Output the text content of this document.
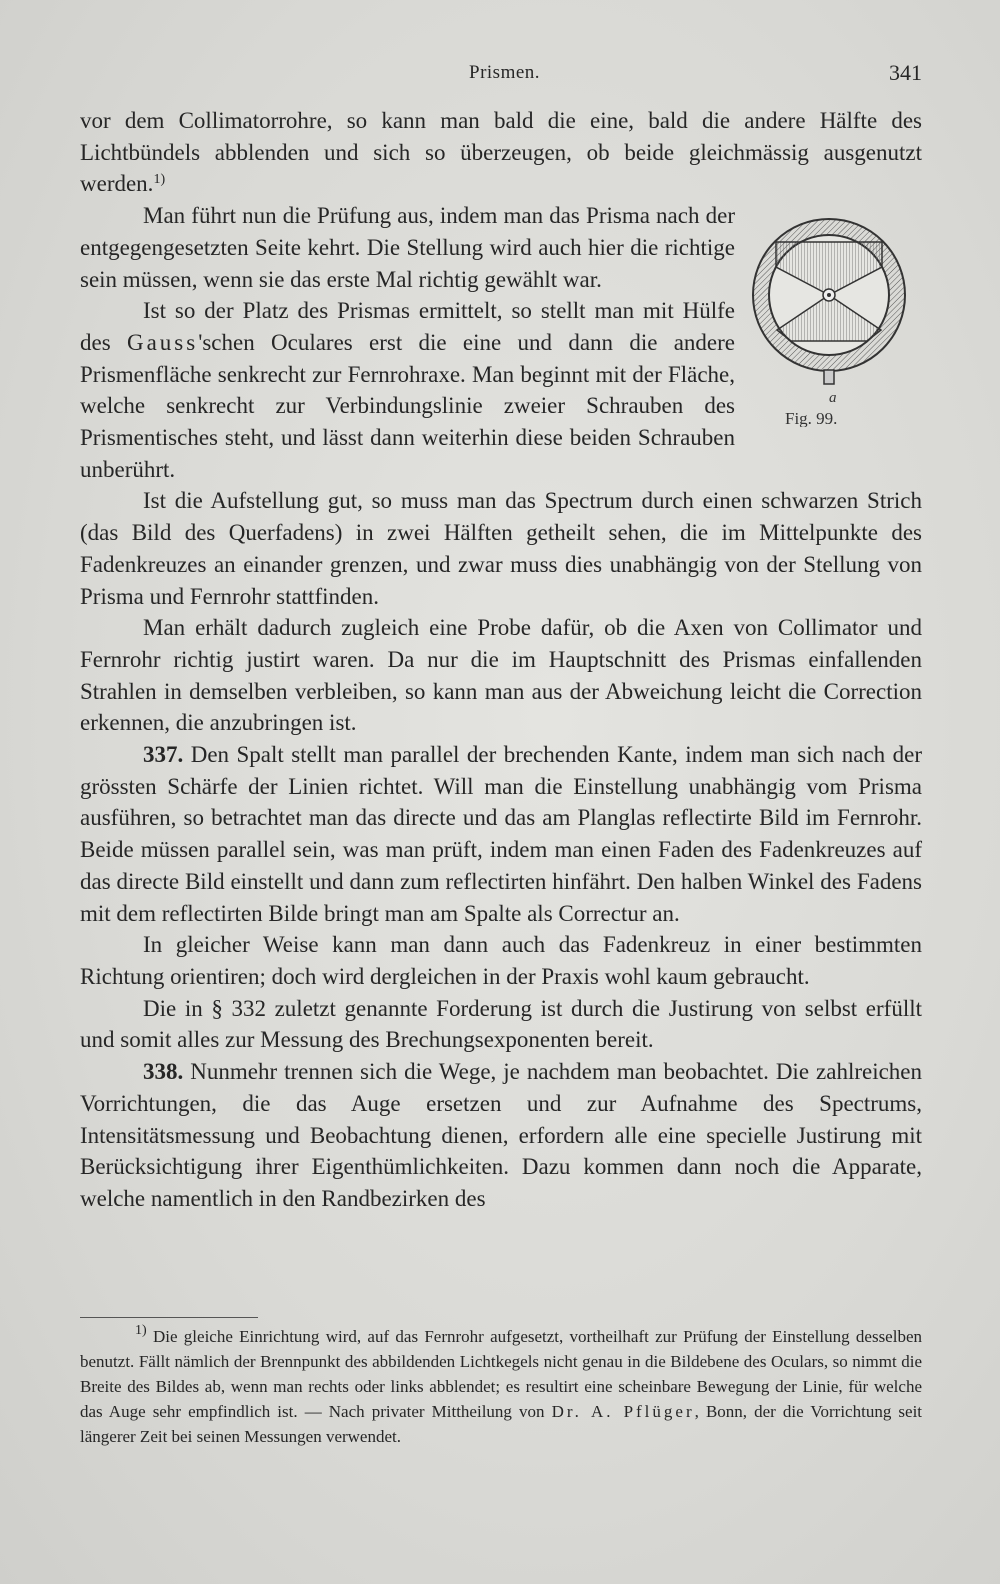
Prismen.	341

vor dem Collimatorrohre, so kann man bald die eine, bald die andere Hälfte des Lichtbündels abblenden und sich so überzeugen, ob beide gleichmässig ausgenutzt werden.$^{1)}$

a
Fig. 99.
Man führt nun die Prüfung aus, indem man das Prisma nach der entgegengesetzten Seite kehrt. Die Stellung wird auch hier die richtige sein müssen, wenn sie das erste Mal richtig gewählt war.

Ist so der Platz des Prismas ermittelt, so stellt man mit Hülfe des Gauss'schen Oculares erst die eine und dann die andere Prismenfläche senkrecht zur Fernrohraxe. Man beginnt mit der Fläche, welche senkrecht zur Verbindungslinie zweier Schrauben des Prismentisches steht, und lässt dann weiterhin diese beiden Schrauben unberührt.

Ist die Aufstellung gut, so muss man das Spectrum durch einen schwarzen Strich (das Bild des Querfadens) in zwei Hälften getheilt sehen, die im Mittelpunkte des Fadenkreuzes an einander grenzen, und zwar muss dies unabhängig von der Stellung von Prisma und Fernrohr stattfinden.

Man erhält dadurch zugleich eine Probe dafür, ob die Axen von Collimator und Fernrohr richtig justirt waren. Da nur die im Hauptschnitt des Prismas einfallenden Strahlen in demselben verbleiben, so kann man aus der Abweichung leicht die Correction erkennen, die anzubringen ist.

337. Den Spalt stellt man parallel der brechenden Kante, indem man sich nach der grössten Schärfe der Linien richtet. Will man die Einstellung unabhängig vom Prisma ausführen, so betrachtet man das directe und das am Planglas reflectirte Bild im Fernrohr. Beide müssen parallel sein, was man prüft, indem man einen Faden des Fadenkreuzes auf das directe Bild einstellt und dann zum reflectirten hinfährt. Den halben Winkel des Fadens mit dem reflectirten Bilde bringt man am Spalte als Correctur an.

In gleicher Weise kann man dann auch das Fadenkreuz in einer bestimmten Richtung orientiren; doch wird dergleichen in der Praxis wohl kaum gebraucht.

Die in § 332 zuletzt genannte Forderung ist durch die Justirung von selbst erfüllt und somit alles zur Messung des Brechungsexponenten bereit.

338. Nunmehr trennen sich die Wege, je nachdem man beobachtet. Die zahlreichen Vorrichtungen, die das Auge ersetzen und zur Aufnahme des Spectrums, Intensitätsmessung und Beobachtung dienen, erfordern alle eine specielle Justirung mit Berücksichtigung ihrer Eigenthümlichkeiten. Dazu kommen dann noch die Apparate, welche namentlich in den Randbezirken des

$^{1)}$ Die gleiche Einrichtung wird, auf das Fernrohr aufgesetzt, vortheilhaft zur Prüfung der Einstellung desselben benutzt. Fällt nämlich der Brennpunkt des abbildenden Lichtkegels nicht genau in die Bildebene des Oculars, so nimmt die Breite des Bildes ab, wenn man rechts oder links abblendet; es resultirt eine scheinbare Bewegung der Linie, für welche das Auge sehr empfindlich ist. — Nach privater Mittheilung von Dr. A. Pflüger, Bonn, der die Vorrichtung seit längerer Zeit bei seinen Messungen verwendet.
